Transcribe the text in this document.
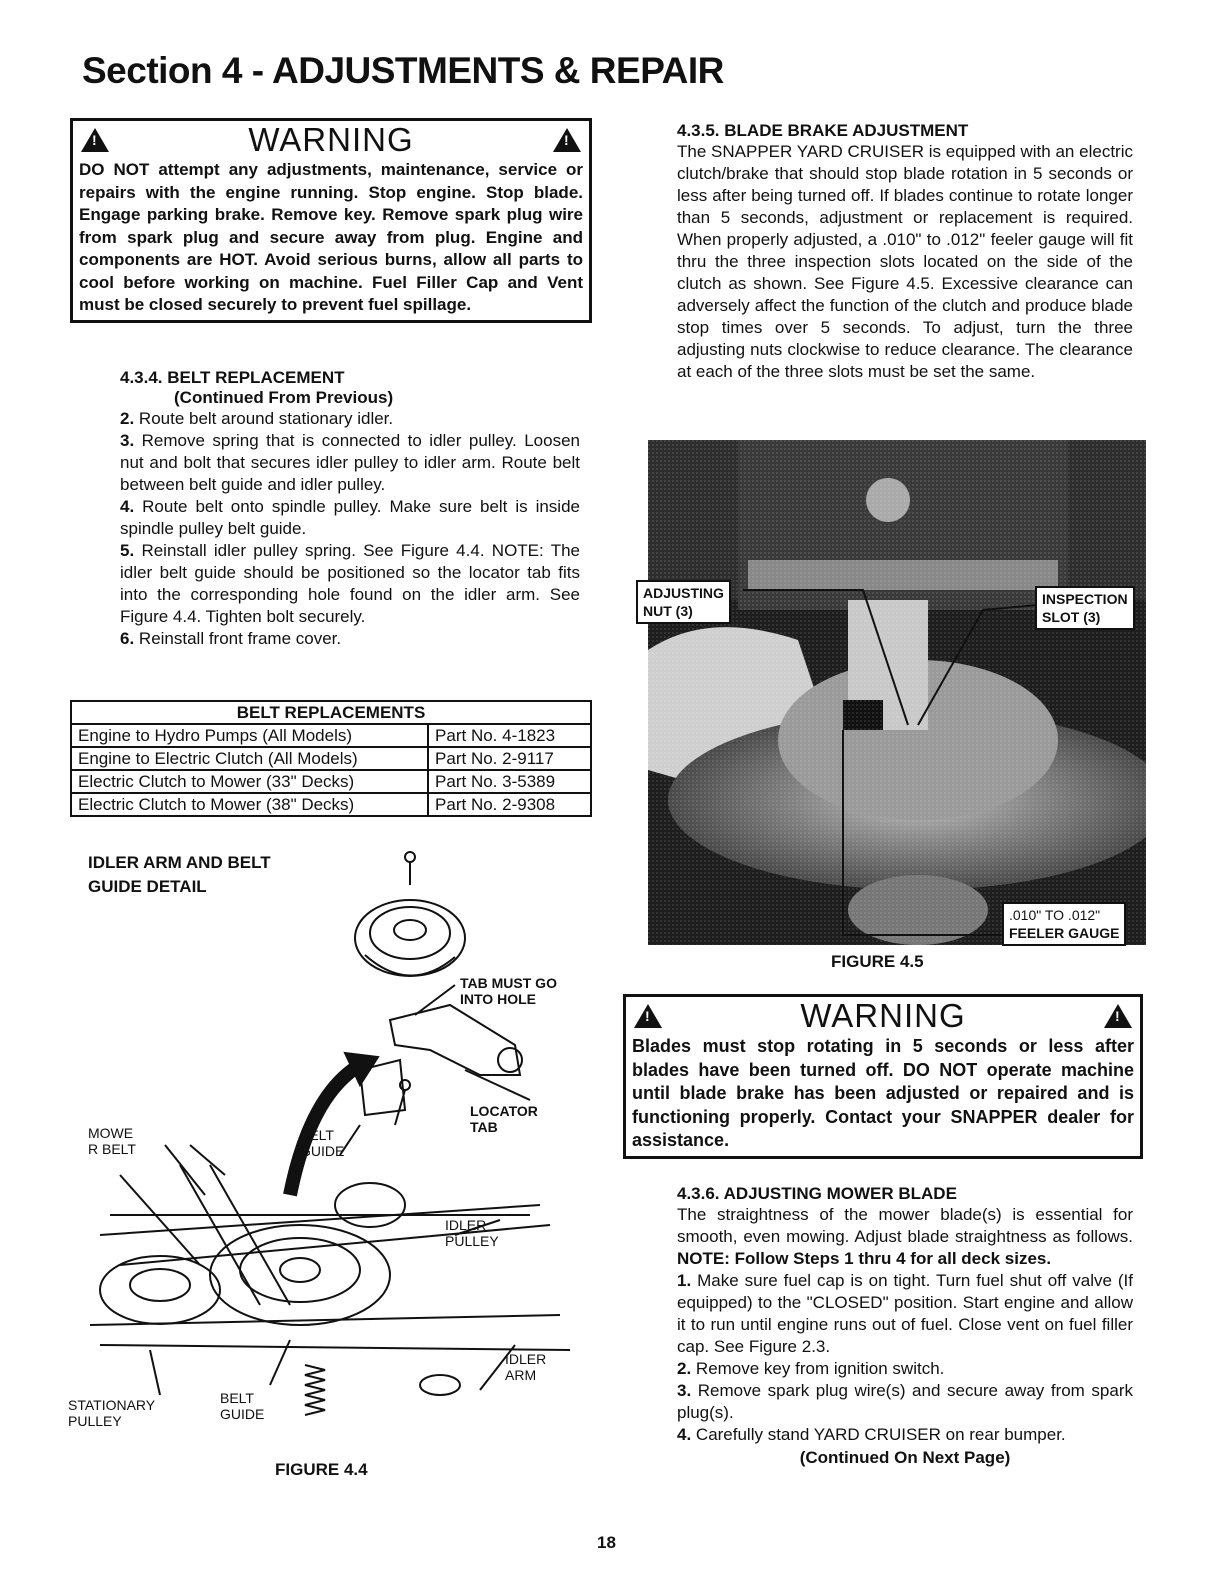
Section 4 - ADJUSTMENTS & REPAIR
!
WARNING
!
DO NOT attempt any adjustments, maintenance, service or repairs with the engine running. Stop engine. Stop blade. Engage parking brake. Remove key. Remove spark plug wire from spark plug and secure away from plug. Engine and components are HOT. Avoid serious burns, allow all parts to cool before working on machine. Fuel Filler Cap and Vent must be closed securely to prevent fuel spillage.
4.3.4. BELT REPLACEMENT
(Continued From Previous)

2. Route belt around stationary idler.

3. Remove spring that is connected to idler pulley. Loosen nut and bolt that secures idler pulley to idler arm. Route belt between belt guide and idler pulley.

4. Route belt onto spindle pulley. Make sure belt is inside spindle pulley belt guide.

5. Reinstall idler pulley spring. See Figure 4.4. NOTE: The idler belt guide should be positioned so the locator tab fits into the corresponding hole found on the idler arm. See Figure 4.4. Tighten bolt securely.

6. Reinstall front frame cover.

BELT REPLACEMENTS	
Engine to Hydro Pumps (All Models)	Part No. 4-1823
Engine to Electric Clutch (All Models)	Part No. 2-9117
Electric Clutch to Mower (33" Decks)	Part No. 3-5389
Electric Clutch to Mower (38" Decks)	Part No. 2-9308
IDLER ARM AND BELT
GUIDE DETAIL
TAB MUST GO
INTO HOLE
LOCATOR
TAB
MOWE
R BELT
BELT
GUIDE
IDLER
PULLEY
IDLER
ARM
STATIONARY
PULLEY
BELT
GUIDE
FIGURE 4.4
4.3.5. BLADE BRAKE ADJUSTMENT
The SNAPPER YARD CRUISER is equipped with an electric clutch/brake that should stop blade rotation in 5 seconds or less after being turned off. If blades continue to rotate longer than 5 seconds, adjustment or replacement is required. When properly adjusted, a .010" to .012" feeler gauge will fit thru the three inspection slots located on the side of the clutch as shown. See Figure 4.5. Excessive clearance can adversely affect the function of the clutch and produce blade stop times over 5 seconds. To adjust, turn the three adjusting nuts clockwise to reduce clearance. The clearance at each of the three slots must be set the same.
ADJUSTING
NUT (3)
INSPECTION
SLOT (3)
.010" TO .012"
FEELER GAUGE
FIGURE 4.5
!
WARNING
!
Blades must stop rotating in 5 seconds or less after blades have been turned off. DO NOT operate machine until blade brake has been adjusted or repaired and is functioning properly. Contact your SNAPPER dealer for assistance.
4.3.6. ADJUSTING MOWER BLADE
The straightness of the mower blade(s) is essential for smooth, even mowing. Adjust blade straightness as follows. NOTE: Follow Steps 1 thru 4 for all deck sizes.

1. Make sure fuel cap is on tight. Turn fuel shut off valve (If equipped) to the "CLOSED" position. Start engine and allow it to run until engine runs out of fuel. Close vent on fuel filler cap. See Figure 2.3.

2. Remove key from ignition switch.

3. Remove spark plug wire(s) and secure away from spark plug(s).

4. Carefully stand YARD CRUISER on rear bumper.

(Continued On Next Page)
18
